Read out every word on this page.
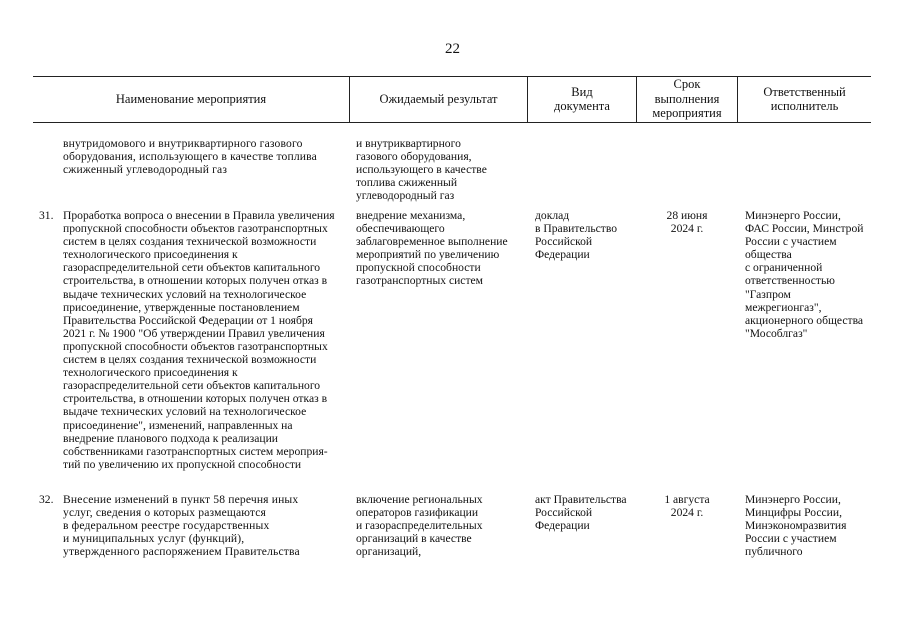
22
Наименование мероприятия	Ожидаемый результат
Вид
документа
Срок
выполнения
мероприятия
Ответственный
исполнитель
внутридомового и внутриквартирного газового
оборудования, использующего в качестве топлива
сжиженный углеводородный газ
и внутриквартирного
газового оборудования,
использующего в качестве
топлива сжиженный
углеводородный газ
31. Проработка вопроса о внесении в Правила увеличения
пропускной способности объектов газотранспортных
систем в целях создания технической возможности
технологического присоединения к
газораспределительной сети объектов капитального
строительства, в отношении которых получен отказ в
выдаче технических условий на технологическое
присоединение, утвержденные постановлением
Правительства Российской Федерации от 1 ноября
2021 г. № 1900 "Об утверждении Правил увеличения
пропускной способности объектов газотранспортных
систем в целях создания технической возможности
технологического присоединения к
газораспределительной сети объектов капитального
строительства, в отношении которых получен отказ в
выдаче технических условий на технологическое
присоединение", изменений, направленных на
внедрение планового подхода к реализации
собственниками газотранспортных систем мероприя-
тий по увеличению их пропускной способности
внедрение механизма,
обеспечивающего
заблаговременное выполнение
мероприятий по увеличению
пропускной способности
газотранспортных систем
доклад
в Правительство
Российской
Федерации
28 июня
2024 г.
Минэнерго России,
ФАС России, Минстрой
России с участием
общества
с ограниченной
ответственностью
"Газпром
межрегионгаз",
акционерного общества
"Мособлгаз"
32. Внесение изменений в пункт 58 перечня иных
услуг, сведения о которых размещаются
в федеральном реестре государственных
и муниципальных услуг (функций),
утвержденного распоряжением Правительства
включение региональных
операторов газификации
и газораспределительных
организаций в качестве
организаций,
акт Правительства
Российской
Федерации
1 августа
2024 г.
Минэнерго России,
Минцифры России,
Минэкономразвития
России с участием
публичного
